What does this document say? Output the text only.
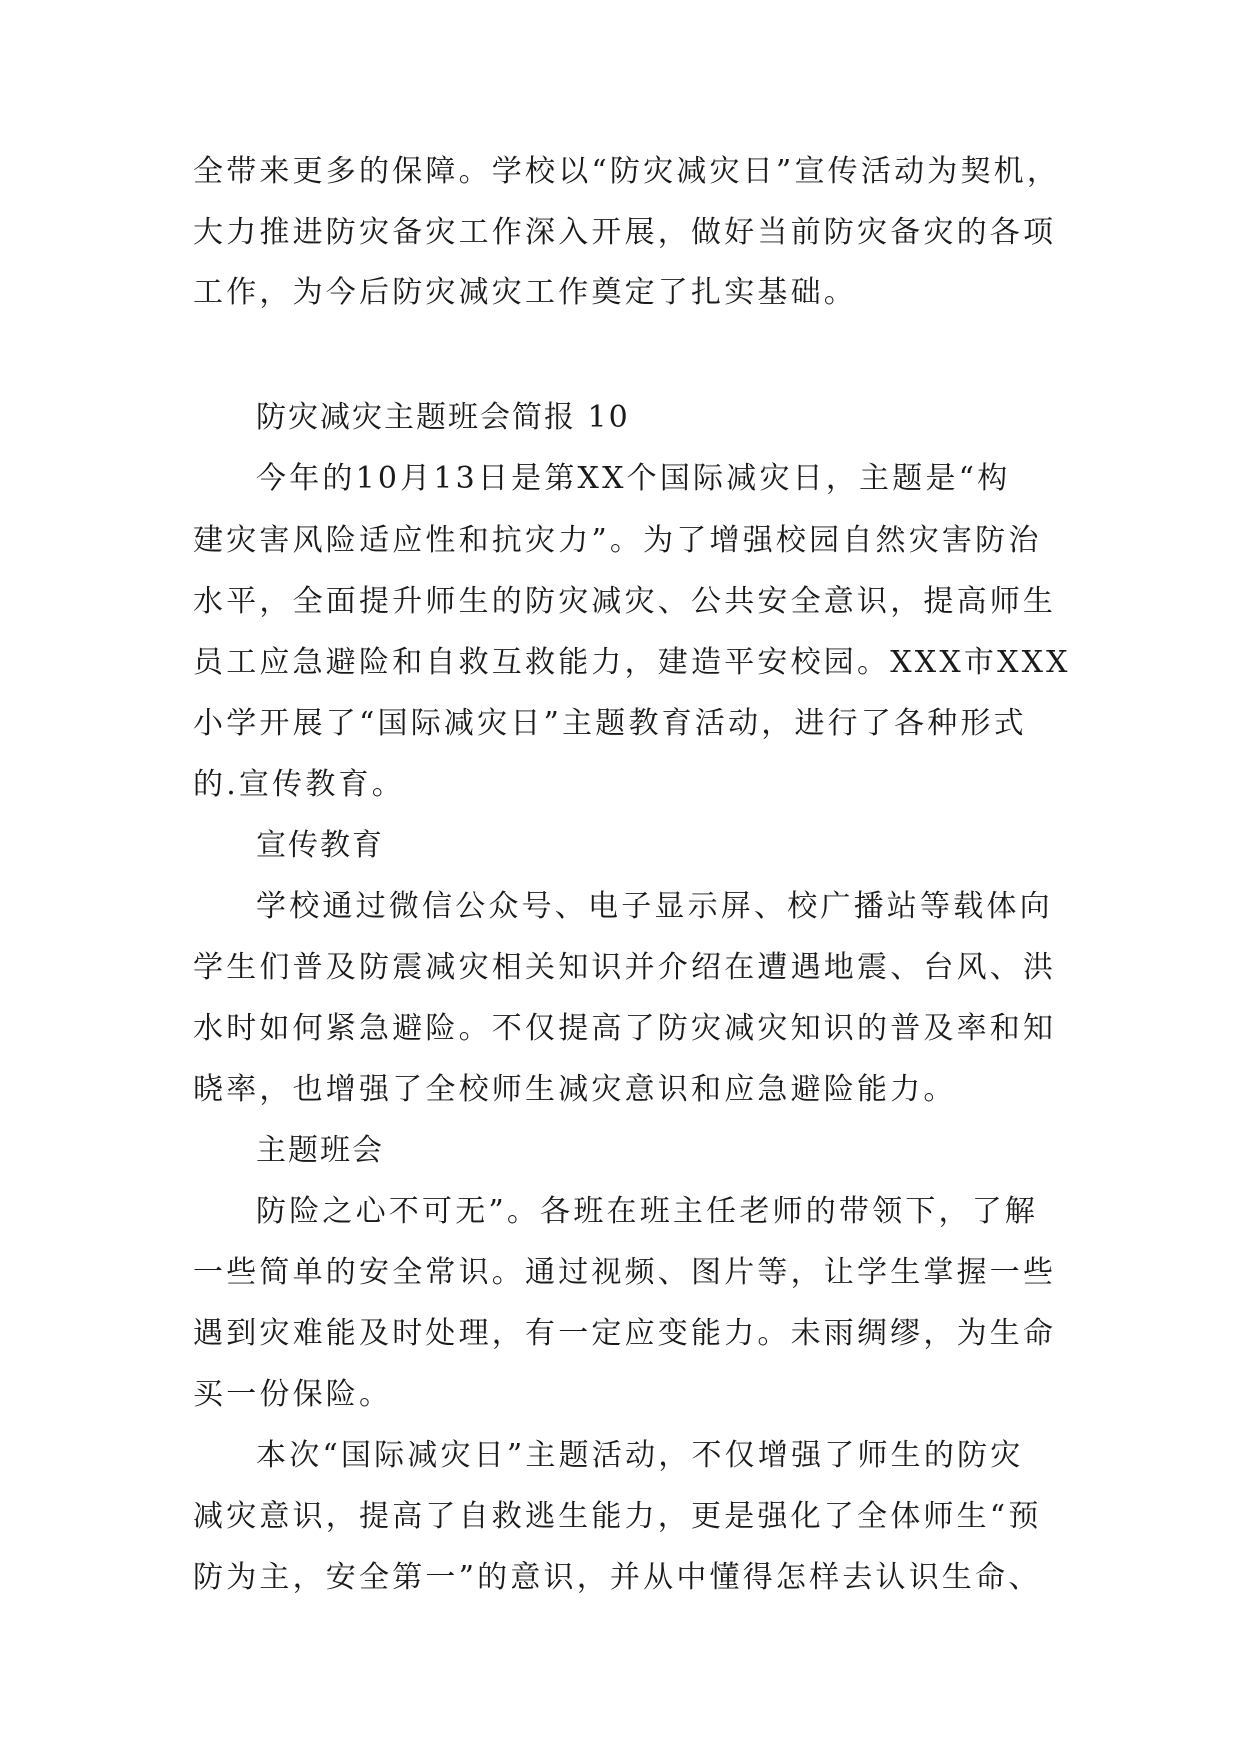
全带来更多的保障。学校以“防灾减灾日”宣传活动为契机，
大力推进防灾备灾工作深入开展，做好当前防灾备灾的各项
工作，为今后防灾减灾工作奠定了扎实基础。
防灾减灾主题班会简报 10
今年的10月13日是第XX个国际减灾日，主题是“构
建灾害风险适应性和抗灾力”。为了增强校园自然灾害防治
水平，全面提升师生的防灾减灾、公共安全意识，提高师生
员工应急避险和自救互救能力，建造平安校园。XXX市XXX
小学开展了“国际减灾日”主题教育活动，进行了各种形式
的.宣传教育。
宣传教育
学校通过微信公众号、电子显示屏、校广播站等载体向
学生们普及防震减灾相关知识并介绍在遭遇地震、台风、洪
水时如何紧急避险。不仅提高了防灾减灾知识的普及率和知
晓率，也增强了全校师生减灾意识和应急避险能力。
主题班会
防险之心不可无”。各班在班主任老师的带领下，了解
一些简单的安全常识。通过视频、图片等，让学生掌握一些
遇到灾难能及时处理，有一定应变能力。未雨绸缪，为生命
买一份保险。
本次“国际减灾日”主题活动，不仅增强了师生的防灾
减灾意识，提高了自救逃生能力，更是强化了全体师生“预
防为主，安全第一”的意识，并从中懂得怎样去认识生命、
